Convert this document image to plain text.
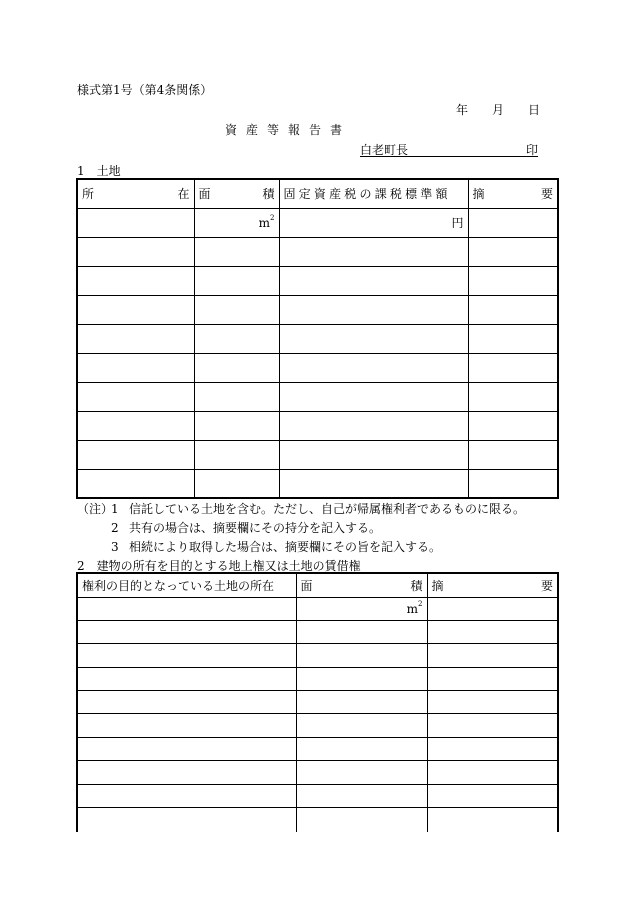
様式第1号（第4条関係）
年 月 日
資産等報告書
白老町長	印
1　土地
所 在	面 積	固定資産税の課税標準額	摘 要

	$m^2$	円	

（注）1 信託している土地を含む。ただし、自己が帰属権利者であるものに限る。
2 共有の場合は、摘要欄にその持分を記入する。
3 相続により取得した場合は、摘要欄にその旨を記入する。
2　建物の所有を目的とする地上権又は土地の賃借権
権利の目的となっている土地の所在	面 積	摘 要

	$m^2$	
